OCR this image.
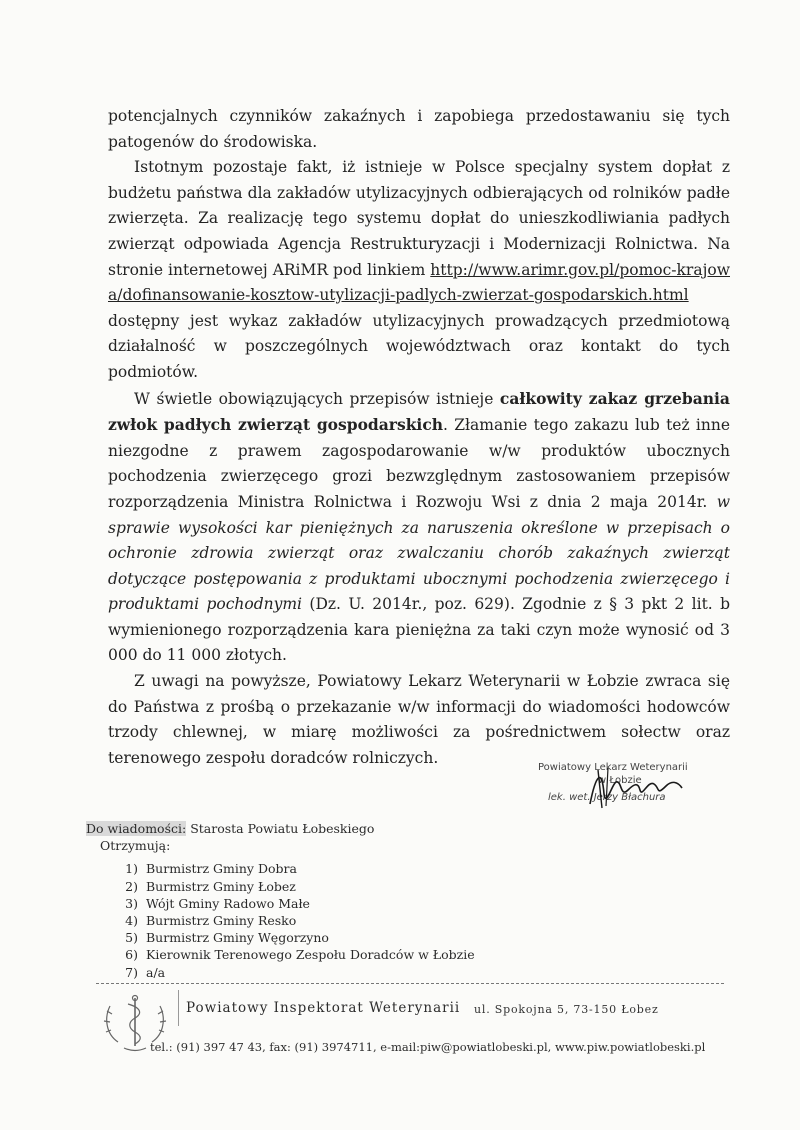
potencjalnych czynników zakaźnych i zapobiega przedostawaniu się tych patogenów do środowiska.

Istotnym pozostaje fakt, iż istnieje w Polsce specjalny system dopłat z budżetu państwa dla zakładów utylizacyjnych odbierających od rolników padłe zwierzęta. Za realizację tego systemu dopłat do unieszkodliwiania padłych zwierząt odpowiada Agencja Restrukturyzacji i Modernizacji Rolnictwa. Na stronie internetowej ARiMR pod linkiem http://www.arimr.gov.pl/pomoc-krajowa/dofinansowanie-kosztow-utylizacji-padlych-zwierzat-gospodarskich.html dostępny jest wykaz zakładów utylizacyjnych prowadzących przedmiotową działalność w poszczególnych województwach oraz kontakt do tych podmiotów.

W świetle obowiązujących przepisów istnieje całkowity zakaz grzebania zwłok padłych zwierząt gospodarskich. Złamanie tego zakazu lub też inne niezgodne z prawem zagospodarowanie w/w produktów ubocznych pochodzenia zwierzęcego grozi bezwzględnym zastosowaniem przepisów rozporządzenia Ministra Rolnictwa i Rozwoju Wsi z dnia 2 maja 2014r. w sprawie wysokości kar pieniężnych za naruszenia określone w przepisach o ochronie zdrowia zwierząt oraz zwalczaniu chorób zakaźnych zwierząt dotyczące postępowania z produktami ubocznymi pochodzenia zwierzęcego i produktami pochodnymi (Dz. U. 2014r., poz. 629). Zgodnie z § 3 pkt 2 lit. b wymienionego rozporządzenia kara pieniężna za taki czyn może wynosić od 3 000 do 11 000 złotych.

Z uwagi na powyższe, Powiatowy Lekarz Weterynarii w Łobzie zwraca się do Państwa z prośbą o przekazanie w/w informacji do wiadomości hodowców trzody chlewnej, w miarę możliwości za pośrednictwem sołectw oraz terenowego zespołu doradców rolniczych.

Powiatowy Lekarz Weterynarii
w Łobzie
lek. wet. Jerzy Błachura
Do wiadomości: Starosta Powiatu Łobeskiego
Otrzymują:
1) Burmistrz Gminy Dobra
2) Burmistrz Gminy Łobez
3) Wójt Gminy Radowo Małe
4) Burmistrz Gminy Resko
5) Burmistrz Gminy Węgorzyno
6) Kierownik Terenowego Zespołu Doradców w Łobzie
7) a/a
Powiatowy Inspektorat Weterynarii ul. Spokojna 5, 73-150 Łobez
tel.: (91) 397 47 43, fax: (91) 3974711, e-mail:piw@powiatlobeski.pl, www.piw.powiatlobeski.pl
